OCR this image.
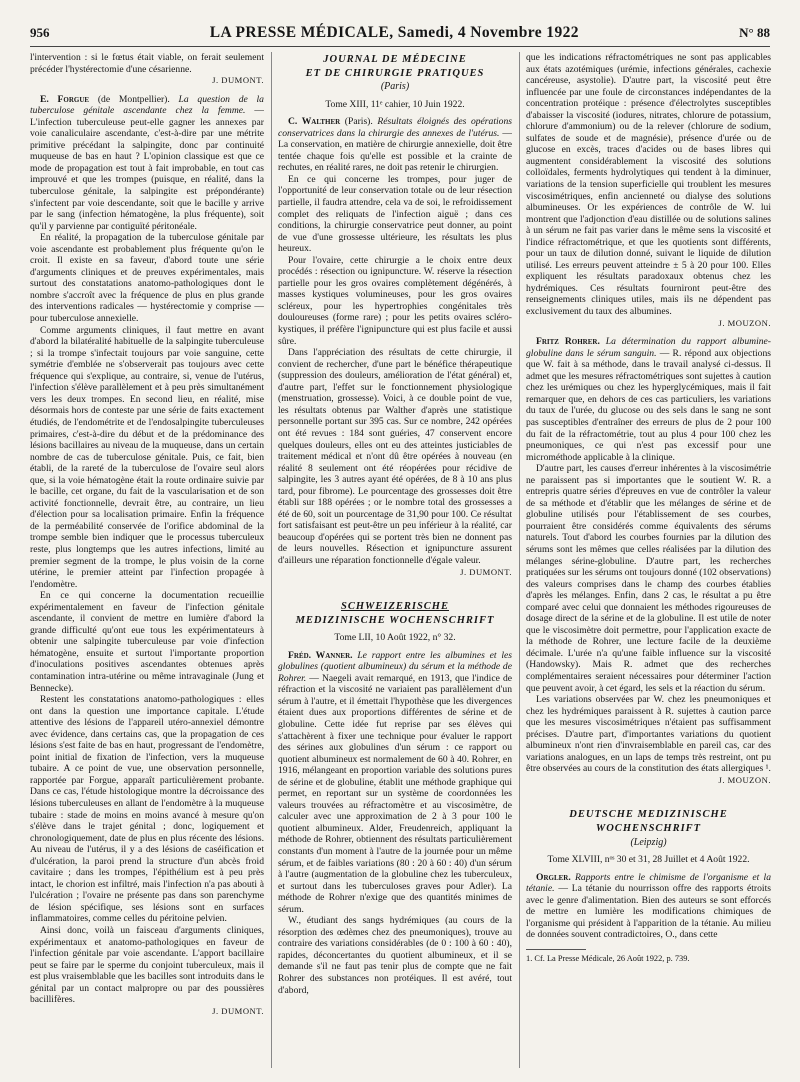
956	LA PRESSE MÉDICALE, Samedi, 4 Novembre 1922	N° 88

l'intervention : si le fœtus était viable, on ferait seulement précéder l'hystérectomie d'une césarienne.

J. DUMONT.

E. Forgue (de Montpellier). La question de la tuberculose génitale ascendante chez la femme. — L'infection tuberculeuse peut-elle gagner les annexes par voie canaliculaire ascendante, c'est-à-dire par une métrite primitive précédant la salpingite, donc par continuité muqueuse de bas en haut ? L'opinion classique est que ce mode de propagation est tout à fait improbable, en tout cas improuvé et que les trompes (puisque, en réalité, dans la tuberculose génitale, la salpingite est prépondérante) s'infectent par voie descendante, soit que le bacille y arrive par le sang (infection hématogène, la plus fréquente), soit qu'il y parvienne par contiguïté péritonéale.

En réalité, la propagation de la tuberculose génitale par voie ascendante est probablement plus fréquente qu'on le croit. Il existe en sa faveur, d'abord toute une série d'arguments cliniques et de preuves expérimentales, mais surtout des constatations anatomo-pathologiques dont le nombre s'accroît avec la fréquence de plus en plus grande des interventions radicales — hystérectomie y comprise — pour tuberculose annexielle.

Comme arguments cliniques, il faut mettre en avant d'abord la bilatéralité habituelle de la salpingite tuberculeuse ; si la trompe s'infectait toujours par voie sanguine, cette symétrie d'emblée ne s'observerait pas toujours avec cette fréquence qui s'explique, au contraire, si, venue de l'utérus, l'infection s'élève parallèlement et à peu près simultanément vers les deux trompes. En second lieu, en réalité, mise désormais hors de conteste par une série de faits exactement étudiés, de l'endométrite et de l'endosalpingite tuberculeuses primaires, c'est-à-dire du début et de la prédominance des lésions bacillaires au niveau de la muqueuse, dans un certain nombre de cas de tuberculose génitale. Puis, ce fait, bien établi, de la rareté de la tuberculose de l'ovaire seul alors que, si la voie hématogène était la route ordinaire suivie par le bacille, cet organe, du fait de la vascularisation et de son activité fonctionnelle, devrait être, au contraire, un lieu d'élection pour sa localisation primaire. Enfin la fréquence de la perméabilité conservée de l'orifice abdominal de la trompe semble bien indiquer que le processus tuberculeux reste, plus longtemps que les autres infections, limité au premier segment de la trompe, le plus voisin de la corne utérine, le premier atteint par l'infection propagée à l'endomètre.

En ce qui concerne la documentation recueillie expérimentalement en faveur de l'infection génitale ascendante, il convient de mettre en lumière d'abord la grande difficulté qu'ont eue tous les expérimentateurs à obtenir une salpingite tuberculeuse par voie d'infection hématogène, ensuite et surtout l'importante proportion d'inoculations positives ascendantes obtenues après contamination intra-utérine ou même intravaginale (Jung et Bennecke).

Restent les constatations anatomo-pathologiques : elles ont dans la question une importance capitale. L'étude attentive des lésions de l'appareil utéro-annexiel démontre avec évidence, dans certains cas, que la propagation de ces lésions s'est faite de bas en haut, progressant de l'endomètre, point initial de fixation de l'infection, vers la muqueuse tubaire. A ce point de vue, une observation personnelle, rapportée par Forgue, apparaît particulièrement probante. Dans ce cas, l'étude histologique montre la décroissance des lésions tuberculeuses en allant de l'endomètre à la muqueuse tubaire : stade de moins en moins avancé à mesure qu'on s'élève dans le trajet génital ; donc, logiquement et chronologiquement, date de plus en plus récente des lésions. Au niveau de l'utérus, il y a des lésions de caséification et d'ulcération, la paroi prend la structure d'un abcès froid cavitaire ; dans les trompes, l'épithélium est à peu près intact, le chorion est infiltré, mais l'infection n'a pas abouti à l'ulcération ; l'ovaire ne présente pas dans son parenchyme de lésion spécifique, ses lésions sont en surfaces inflammatoires, comme celles du péritoine pelvien.

Ainsi donc, voilà un faisceau d'arguments cliniques, expérimentaux et anatomo-pathologiques en faveur de l'infection génitale par voie ascendante. L'apport bacillaire peut se faire par le sperme du conjoint tuberculeux, mais il est plus vraisemblable que les bacilles sont introduits dans le génital par un contact malpropre ou par des poussières bacillifères.

J. DUMONT.

JOURNAL DE MÉDECINE
ET DE CHIRURGIE PRATIQUES
(Paris)
Tome XIII, 11ᵉ cahier, 10 Juin 1922.

C. Walther (Paris). Résultats éloignés des opérations conservatrices dans la chirurgie des annexes de l'utérus. — La conservation, en matière de chirurgie annexielle, doit être tentée chaque fois qu'elle est possible et la crainte de rechutes, en réalité rares, ne doit pas retenir le chirurgien.

En ce qui concerne les trompes, pour juger de l'opportunité de leur conservation totale ou de leur résection partielle, il faudra attendre, cela va de soi, le refroidissement complet des reliquats de l'infection aiguë ; dans ces conditions, la chirurgie conservatrice peut donner, au point de vue d'une grossesse ultérieure, les résultats les plus heureux.

Pour l'ovaire, cette chirurgie a le choix entre deux procédés : résection ou ignipuncture. W. réserve la résection partielle pour les gros ovaires complètement dégénérés, à masses kystiques volumineuses, pour les gros ovaires scléreux, pour les hypertrophies congénitales très douloureuses (forme rare) ; pour les petits ovaires scléro-kystiques, il préfère l'ignipuncture qui est plus facile et aussi sûre.

Dans l'appréciation des résultats de cette chirurgie, il convient de rechercher, d'une part le bénéfice thérapeutique (suppression des douleurs, amélioration de l'état général) et, d'autre part, l'effet sur le fonctionnement physiologique (menstruation, grossesse). Voici, à ce double point de vue, les résultats obtenus par Walther d'après une statistique personnelle portant sur 395 cas. Sur ce nombre, 242 opérées ont été revues : 184 sont guéries, 47 conservent encore quelques douleurs, elles ont eu des atteintes justiciables de traitement médical et n'ont dû être opérées à nouveau (en réalité 8 seulement ont été réopérées pour récidive de salpingite, les 3 autres ayant été opérées, de 8 à 10 ans plus tard, pour fibrome). Le pourcentage des grossesses doit être établi sur 188 opérées ; or le nombre total des grossesses a été de 60, soit un pourcentage de 31,90 pour 100. Ce résultat fort satisfaisant est peut-être un peu inférieur à la réalité, car beaucoup d'opérées qui se portent très bien ne donnent pas de leurs nouvelles. Résection et ignipuncture assurent d'ailleurs une réparation fonctionnelle d'égale valeur.

J. DUMONT.

SCHWEIZERISCHE
MEDIZINISCHE WOCHENSCHRIFT
Tome LII, 10 Août 1922, n° 32.

Fréd. Wanner. Le rapport entre les albumines et les globulines (quotient albumineux) du sérum et la méthode de Rohrer. — Naegeli avait remarqué, en 1913, que l'indice de réfraction et la viscosité ne variaient pas parallèlement d'un sérum à l'autre, et il émettait l'hypothèse que les divergences étaient dues aux proportions différentes de sérine et de globuline. Cette idée fut reprise par ses élèves qui s'attachèrent à fixer une technique pour évaluer le rapport des sérines aux globulines d'un sérum : ce rapport ou quotient albumineux est normalement de 60 à 40. Rohrer, en 1916, mélangeant en proportion variable des solutions pures de sérine et de globuline, établit une méthode graphique qui permet, en reportant sur un système de coordonnées les valeurs trouvées au réfractomètre et au viscosimètre, de calculer avec une approximation de 2 à 3 pour 100 le quotient albumineux. Alder, Freudenreich, appliquant la méthode de Rohrer, obtiennent des résultats particulièrement constants d'un moment à l'autre de la journée pour un même sérum, et de faibles variations (80 : 20 à 60 : 40) d'un sérum à l'autre (augmentation de la globuline chez les tuberculeux, et surtout dans les tuberculoses graves pour Adler). La méthode de Rohrer n'exige que des quantités minimes de sérum.

W., étudiant des sangs hydrémiques (au cours de la résorption des œdèmes chez des pneumoniques), trouve au contraire des variations considérables (de 0 : 100 à 60 : 40), rapides, déconcertantes du quotient albumineux, et il se demande s'il ne faut pas tenir plus de compte que ne fait Rohrer des substances non protéiques. Il est avéré, tout d'abord,

que les indications réfractométriques ne sont pas applicables aux états azotémiques (urémie, infections générales, cachexie cancéreuse, asystolie). D'autre part, la viscosité peut être influencée par une foule de circonstances indépendantes de la concentration protéique : présence d'électrolytes susceptibles d'abaisser la viscosité (iodures, nitrates, chlorure de potassium, chlorure d'ammonium) ou de la relever (chlorure de sodium, sulfates de soude et de magnésie), présence d'urée ou de glucose en excès, traces d'acides ou de bases libres qui augmentent considérablement la viscosité des solutions colloïdales, ferments hydrolytiques qui tendent à la diminuer, variations de la tension superficielle qui troublent les mesures viscosimétriques, enfin ancienneté ou dialyse des solutions albumineuses. Or les expériences de contrôle de W. lui montrent que l'adjonction d'eau distillée ou de solutions salines à un sérum ne fait pas varier dans le même sens la viscosité et l'indice réfractométrique, et que les quotients sont différents, pour un taux de dilution donné, suivant le liquide de dilution utilisé. Les erreurs peuvent atteindre ± 5 à 20 pour 100. Elles expliquent les résultats paradoxaux obtenus chez les hydrémiques. Ces résultats fourniront peut-être des renseignements cliniques utiles, mais ils ne dépendent pas exclusivement du taux des albumines.

J. MOUZON.

Fritz Rohrer. La détermination du rapport albumine-globuline dans le sérum sanguin. — R. répond aux objections que W. fait à sa méthode, dans le travail analysé ci-dessus. Il admet que les mesures réfractométriques sont sujettes à caution chez les urémiques ou chez les hyperglycémiques, mais il fait remarquer que, en dehors de ces cas particuliers, les variations du taux de l'urée, du glucose ou des sels dans le sang ne sont pas susceptibles d'entraîner des erreurs de plus de 2 pour 100 du fait de la réfractométrie, tout au plus 4 pour 100 chez les pneumoniques, ce qui n'est pas excessif pour une microméthode applicable à la clinique.

D'autre part, les causes d'erreur inhérentes à la viscosimétrie ne paraissent pas si importantes que le soutient W. R. a entrepris quatre séries d'épreuves en vue de contrôler la valeur de sa méthode et d'établir que les mélanges de sérine et de globuline utilisés pour l'établissement de ses courbes, pourraient être considérés comme équivalents des sérums naturels. Tout d'abord les courbes fournies par la dilution des sérums sont les mêmes que celles réalisées par la dilution des mélanges sérine-globuline. D'autre part, les recherches pratiquées sur les sérums ont toujours donné (102 observations) des valeurs comprises dans le champ des courbes établies d'après les mélanges. Enfin, dans 2 cas, le résultat a pu être comparé avec celui que donnaient les méthodes rigoureuses de dosage direct de la sérine et de la globuline. Il est utile de noter que le viscosimètre doit permettre, pour l'application exacte de la méthode de Rohrer, une lecture facile de la deuxième décimale. L'urée n'a qu'une faible influence sur la viscosité (Handowsky). Mais R. admet que des recherches complémentaires seraient nécessaires pour déterminer l'action que peuvent avoir, à cet égard, les sels et la réaction du sérum.

Les variations observées par W. chez les pneumoniques et chez les hydrémiques paraissent à R. sujettes à caution parce que les mesures viscosimétriques n'étaient pas suffisamment précises. D'autre part, d'importantes variations du quotient albumineux n'ont rien d'invraisemblable en pareil cas, car des variations analogues, en un laps de temps très restreint, ont pu être observées au cours de la constitution des états allergiques ¹.

J. MOUZON.

DEUTSCHE MEDIZINISCHE
WOCHENSCHRIFT
(Leipzig)
Tome XLVIII, nᵒˢ 30 et 31, 28 Juillet et 4 Août 1922.

Orgler. Rapports entre le chimisme de l'organisme et la tétanie. — La tétanie du nourrisson offre des rapports étroits avec le genre d'alimentation. Bien des auteurs se sont efforcés de mettre en lumière les modifications chimiques de l'organisme qui président à l'apparition de la tétanie. Au milieu de données souvent contradictoires, O., dans cette

1. Cf. La Presse Médicale, 26 Août 1922, p. 739.
